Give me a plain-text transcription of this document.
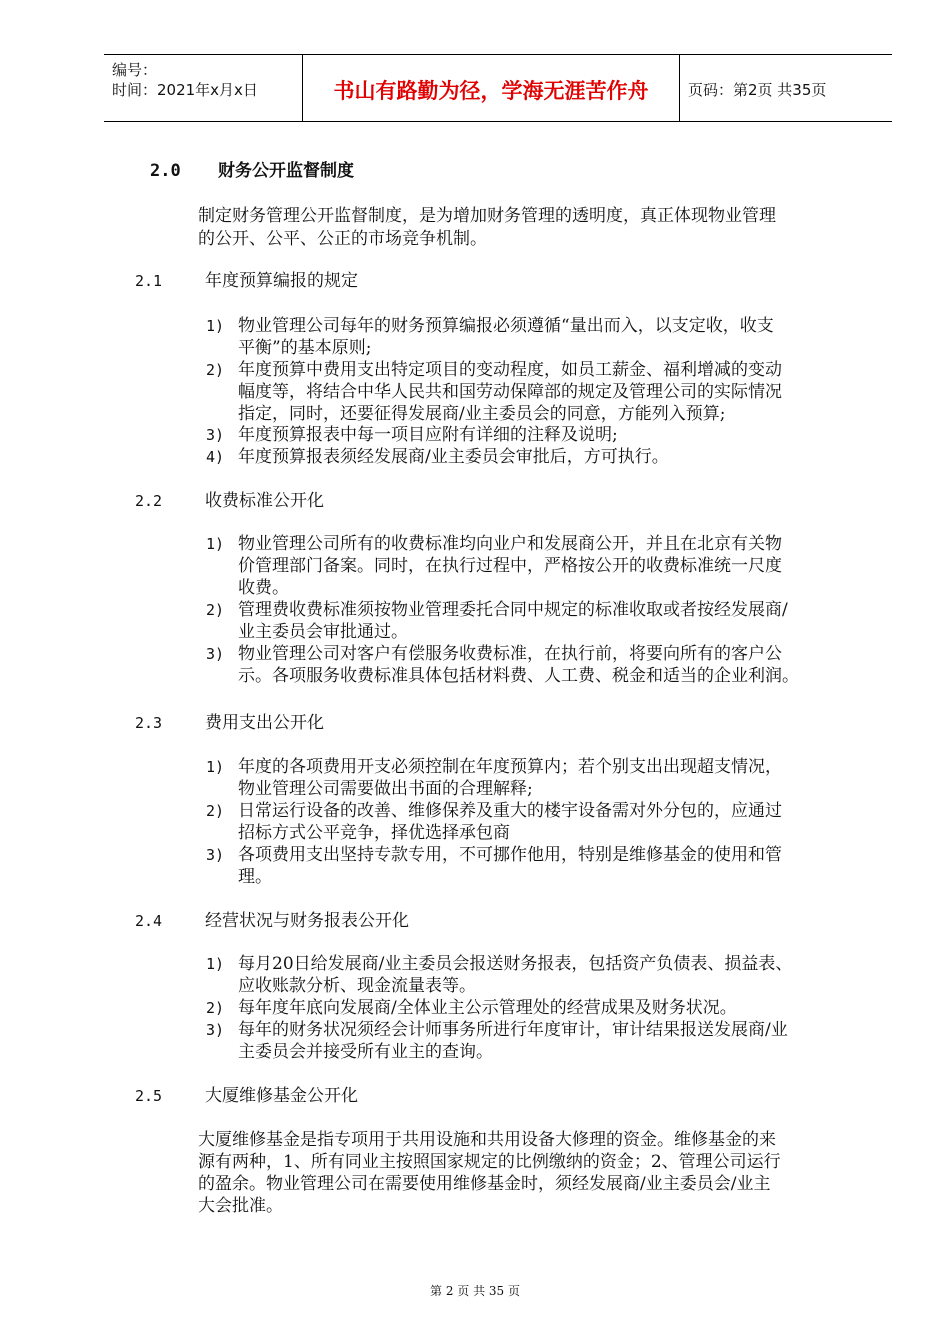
编号：
时间：2021年x月x日	书山有路勤为径，学海无涯苦作舟	页码：第2页 共35页
2.0 财务公开监督制度
制定财务管理公开监督制度，是为增加财务管理的透明度，真正体现物业管理
的公开、公平、公正的市场竞争机制。
2.1	年度预算编报的规定
1) 物业管理公司每年的财务预算编报必须遵循“量出而入，以支定收，收支
平衡”的基本原则;
2) 年度预算中费用支出特定项目的变动程度，如员工薪金、福利增减的变动
幅度等，将结合中华人民共和国劳动保障部的规定及管理公司的实际情况
指定，同时，还要征得发展商/业主委员会的同意，方能列入预算;
3) 年度预算报表中每一项目应附有详细的注释及说明;
4) 年度预算报表须经发展商/业主委员会审批后，方可执行。
2.2	收费标准公开化
1) 物业管理公司所有的收费标准均向业户和发展商公开，并且在北京有关物
价管理部门备案。同时，在执行过程中，严格按公开的收费标准统一尺度
收费。
2) 管理费收费标准须按物业管理委托合同中规定的标准收取或者按经发展商/
业主委员会审批通过。
3) 物业管理公司对客户有偿服务收费标准，在执行前，将要向所有的客户公
示。各项服务收费标准具体包括材料费、人工费、税金和适当的企业利润。
2.3	费用支出公开化
1) 年度的各项费用开支必须控制在年度预算内；若个别支出出现超支情况，
物业管理公司需要做出书面的合理解释;
2) 日常运行设备的改善、维修保养及重大的楼宇设备需对外分包的，应通过
招标方式公平竞争，择优选择承包商
3) 各项费用支出坚持专款专用，不可挪作他用，特别是维修基金的使用和管
理。
2.4	经营状况与财务报表公开化
1) 每月20日给发展商/业主委员会报送财务报表，包括资产负债表、损益表、
应收账款分析、现金流量表等。
2) 每年度年底向发展商/全体业主公示管理处的经营成果及财务状况。
3) 每年的财务状况须经会计师事务所进行年度审计，审计结果报送发展商/业
主委员会并接受所有业主的查询。
2.5	大厦维修基金公开化
大厦维修基金是指专项用于共用设施和共用设备大修理的资金。维修基金的来
源有两种，1、所有同业主按照国家规定的比例缴纳的资金；2、管理公司运行
的盈余。物业管理公司在需要使用维修基金时，须经发展商/业主委员会/业主
大会批准。
第 2 页 共 35 页
